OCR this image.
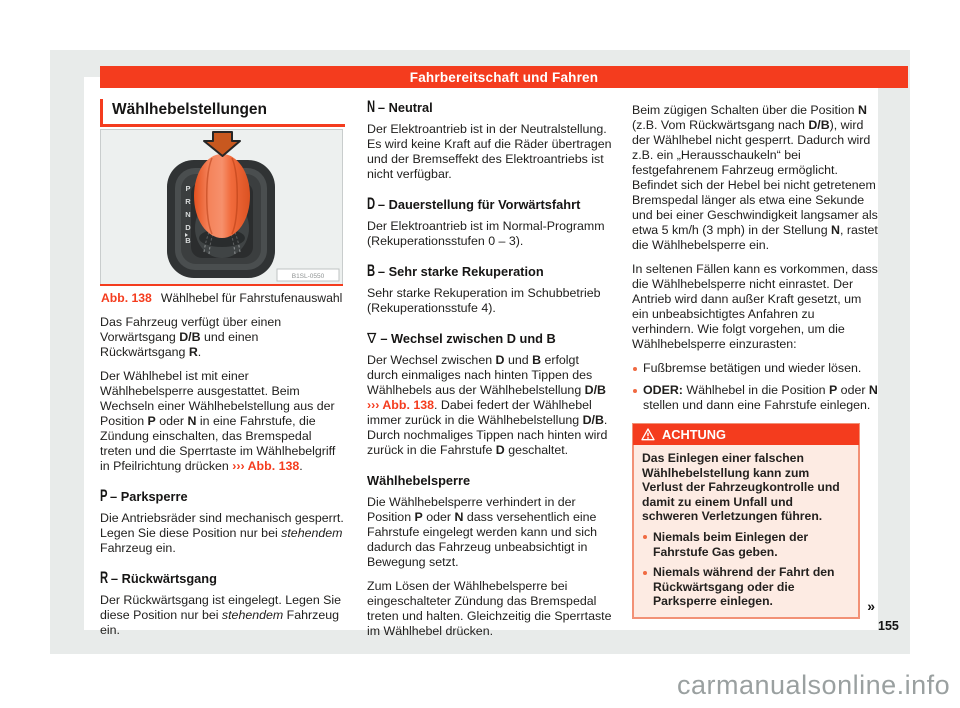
Fahrbereitschaft und Fahren
Wählhebelstellungen
P
R
N
D
B
B1SL-0550
Abb. 138 Wählhebel für Fahrstufenauswahl

Das Fahrzeug verfügt über einen Vorwärtsgang D/B und einen Rückwärtsgang R.

Der Wählhebel ist mit einer Wählhebelsperre ausgestattet. Beim Wechseln einer Wählhebelstellung aus der Position P oder N in eine Fahrstufe, die Zündung einschalten, das Bremspedal treten und die Sperrtaste im Wählhebelgriff in Pfeilrichtung drücken ››› Abb. 138.

P – Parksperre

Die Antriebsräder sind mechanisch gesperrt. Legen Sie diese Position nur bei stehendem Fahrzeug ein.

R – Rückwärtsgang

Der Rückwärtsgang ist eingelegt. Legen Sie diese Position nur bei stehendem Fahrzeug ein.

N – Neutral

Der Elektroantrieb ist in der Neutralstellung. Es wird keine Kraft auf die Räder übertragen und der Bremseffekt des Elektroantriebs ist nicht verfügbar.

D – Dauerstellung für Vorwärtsfahrt

Der Elektroantrieb ist im Normal-Programm (Rekuperationsstufen 0 – 3).

B – Sehr starke Rekuperation

Sehr starke Rekuperation im Schubbetrieb (Rekuperationsstufe 4).

∇ – Wechsel zwischen D und B

Der Wechsel zwischen D und B erfolgt durch einmaliges nach hinten Tippen des Wählhebels aus der Wählhebelstellung D/B ››› Abb. 138. Dabei federt der Wählhebel immer zurück in die Wählhebelstellung D/B. Durch nochmaliges Tippen nach hinten wird zurück in die Fahrstufe D geschaltet.

Wählhebelsperre

Die Wählhebelsperre verhindert in der Position P oder N dass versehentlich eine Fahrstufe eingelegt werden kann und sich dadurch das Fahrzeug unbeabsichtigt in Bewegung setzt.

Zum Lösen der Wählhebelsperre bei eingeschalteter Zündung das Bremspedal treten und halten. Gleichzeitig die Sperrtaste im Wählhebel drücken.

Beim zügigen Schalten über die Position N (z.B. Vom Rückwärtsgang nach D/B), wird der Wählhebel nicht gesperrt. Dadurch wird z.B. ein „Herausschaukeln“ bei festgefahrenem Fahrzeug ermöglicht. Befindet sich der Hebel bei nicht getretenem Bremspedal länger als etwa eine Sekunde und bei einer Geschwindigkeit langsamer als etwa 5 km/h (3 mph) in der Stellung N, rastet die Wählhebelsperre ein.

In seltenen Fällen kann es vorkommen, dass die Wählhebelsperre nicht einrastet. Der Antrieb wird dann außer Kraft gesetzt, um ein unbeabsichtigtes Anfahren zu verhindern. Wie folgt vorgehen, um die Wählhebelsperre einzurasten:

Fußbremse betätigen und wieder lösen.
ODER: Wählhebel in die Position P oder N stellen und dann eine Fahrstufe einlegen.
ACHTUNG

Das Einlegen einer falschen Wählhebelstellung kann zum Verlust der Fahrzeugkontrolle und damit zu einem Unfall und schweren Verletzungen führen.

Niemals beim Einlegen der Fahrstufe Gas geben.
Niemals während der Fahrt den Rückwärtsgang oder die Parksperre einlegen.	»
155
carmanualsonline.info
